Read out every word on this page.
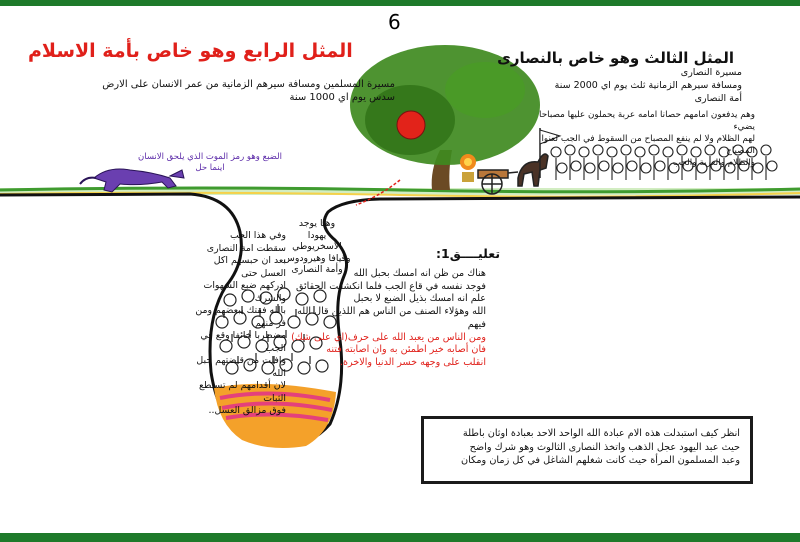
6
المثل الثالث وهو خاص بالنصارى
مسيرة النصارى
ومسافة سيرهم الزمانية ثلث يوم اي 2000 سنة
أمة النصارى
وهم يدفعون امامهم حصانا امامه عربة يحملون عليها مصباحا يضيء
لهم الظلام ولا لم ينفع المصباح من السقوط في الجب لعنوا المصباح
والظلام والعربة والجب
المثل الرابع وهو خاص بأمة الاسلام
مسيرة المسلمين ومسافة سيرهم الزمانية من عمر الانسان على الارض
سدس يوم اي 1000 سنة
الضبع وهو رمز الموت الذي يلحق الانسان
اينما حل
وفي هذا الجب
سقطت امة النصارى
بعد ان حبسهم اكل العسل حتى
ادركهم ضبع الشهوات والشرك
بالله فقتك ببعضهم ومن فر منهم
مضطربا خائفا وقع في الجب
وافلت من قبضتهم حبل الله
لان أقدامهم لم تستطع الثبات
فوق مزالق العسل..
وهنا يوجد
يهودا
الاسخريوطي
وقيافا وهيرودوس
وأمة النصارى
تعليــــق1:
هناك من ظن انه امسك بحبل الله
فوجد نفسه في قاع الجب فلما انكشفت الحقائق
علم انه امسك بذيل الضبع لا بحبل
الله وهؤلاء الصنف من الناس هم اللذين قال الله فيهم
ومن الناس من يعبد الله على حرف(اي على شك)
فان أصابه خير اطمئن به وان اصابته فتنه
انقلب على وجهه خسر الدنيا والاخرة.
انظر كيف استبدلت هذه الام عبادة الله الواحد الاحد بعبادة اوثان باطلة
حيث عبد اليهود عجل الذهب واتخذ النصارى الثالوث وهو شرك واضح
وعبد المسلمون المرأة حيث كانت شغلهم الشاغل في كل زمان ومكان
